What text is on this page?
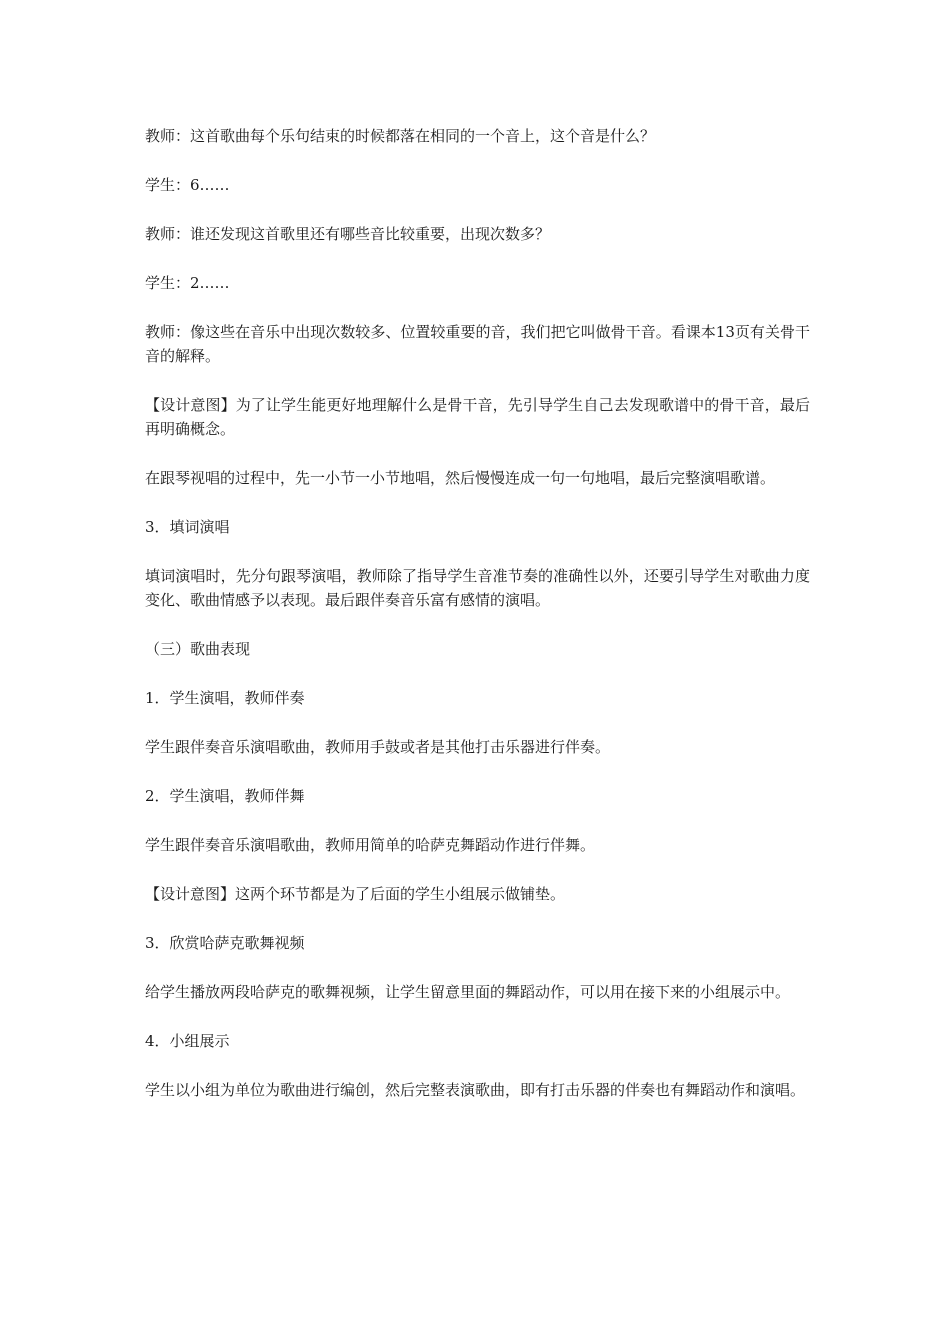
教师：这首歌曲每个乐句结束的时候都落在相同的一个音上，这个音是什么？

学生：6……

教师：谁还发现这首歌里还有哪些音比较重要，出现次数多？

学生：2……

教师：像这些在音乐中出现次数较多、位置较重要的音，我们把它叫做骨干音。看课本13页有关骨干音的解释。

【设计意图】为了让学生能更好地理解什么是骨干音，先引导学生自己去发现歌谱中的骨干音，最后再明确概念。

在跟琴视唱的过程中，先一小节一小节地唱，然后慢慢连成一句一句地唱，最后完整演唱歌谱。

3．填词演唱

填词演唱时，先分句跟琴演唱，教师除了指导学生音准节奏的准确性以外，还要引导学生对歌曲力度变化、歌曲情感予以表现。最后跟伴奏音乐富有感情的演唱。

（三）歌曲表现

1．学生演唱，教师伴奏

学生跟伴奏音乐演唱歌曲，教师用手鼓或者是其他打击乐器进行伴奏。

2．学生演唱，教师伴舞

学生跟伴奏音乐演唱歌曲，教师用简单的哈萨克舞蹈动作进行伴舞。

【设计意图】这两个环节都是为了后面的学生小组展示做铺垫。

3．欣赏哈萨克歌舞视频

给学生播放两段哈萨克的歌舞视频，让学生留意里面的舞蹈动作，可以用在接下来的小组展示中。

4．小组展示

学生以小组为单位为歌曲进行编创，然后完整表演歌曲，即有打击乐器的伴奏也有舞蹈动作和演唱。
